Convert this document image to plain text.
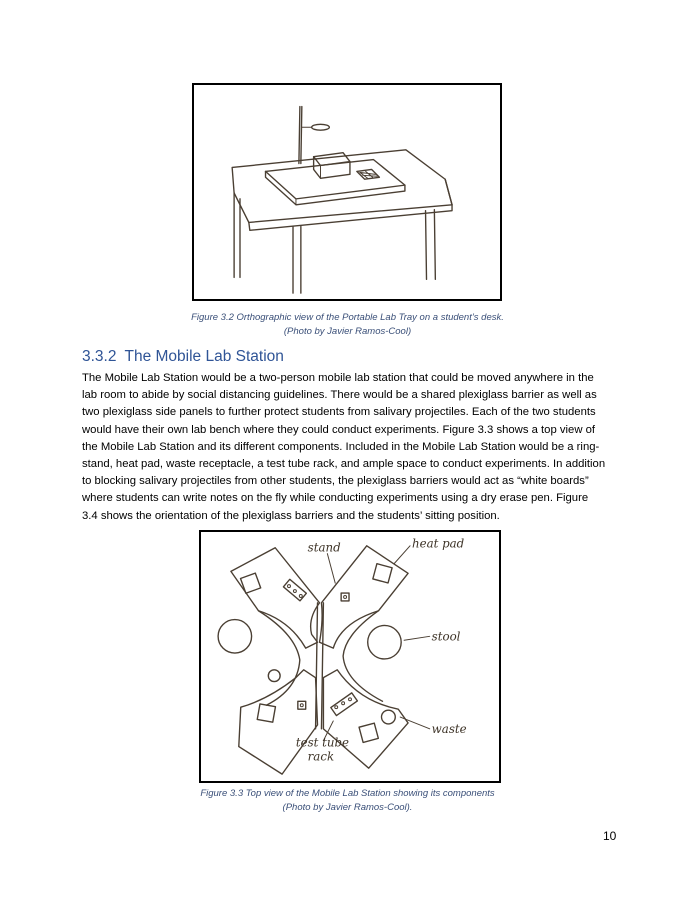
Figure 3.2 Orthographic view of the Portable Lab Tray on a student’s desk.
(Photo by Javier Ramos-Cool)
3.3.2 The Mobile Lab Station
The Mobile Lab Station would be a two-person mobile lab station that could be moved anywhere in the
lab room to abide by social distancing guidelines. There would be a shared plexiglass barrier as well as
two plexiglass side panels to further protect students from salivary projectiles. Each of the two students
would have their own lab bench where they could conduct experiments. Figure 3.3 shows a top view of
the Mobile Lab Station and its different components. Included in the Mobile Lab Station would be a ring-
stand, heat pad, waste receptacle, a test tube rack, and ample space to conduct experiments. In addition
to blocking salivary projectiles from other students, the plexiglass barriers would act as “white boards”
where students can write notes on the fly while conducting experiments using a dry erase pen. Figure
3.4 shows the orientation of the plexiglass barriers and the students’ sitting position.
stand	heat pad
stool
waste
test tube
rack
Figure 3.3 Top view of the Mobile Lab Station showing its components
(Photo by Javier Ramos-Cool).
10
